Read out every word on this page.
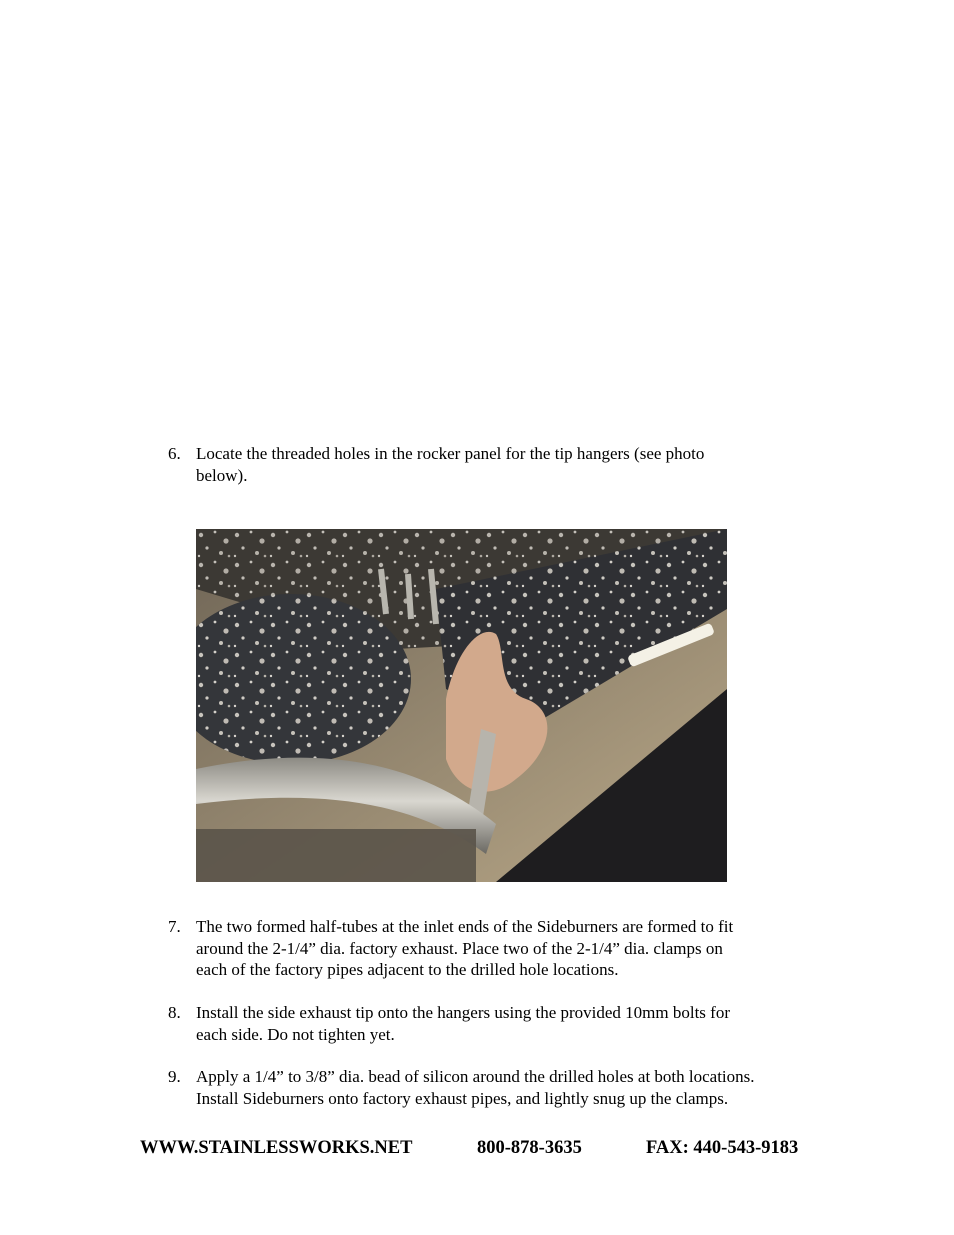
6. Locate the threaded holes in the rocker panel for the tip hangers (see photo
below).
7. The two formed half-tubes at the inlet ends of the Sideburners are formed to fit
around the 2-1/4” dia. factory exhaust. Place two of the 2-1/4” dia. clamps on
each of the factory pipes adjacent to the drilled hole locations.
8. Install the side exhaust tip onto the hangers using the provided 10mm bolts for
each side. Do not tighten yet.
9. Apply a 1/4” to 3/8” dia. bead of silicon around the drilled holes at both locations.
Install Sideburners onto factory exhaust pipes, and lightly snug up the clamps.
WWW.STAINLESSWORKS.NET	800-878-3635	FAX: 440-543-9183
